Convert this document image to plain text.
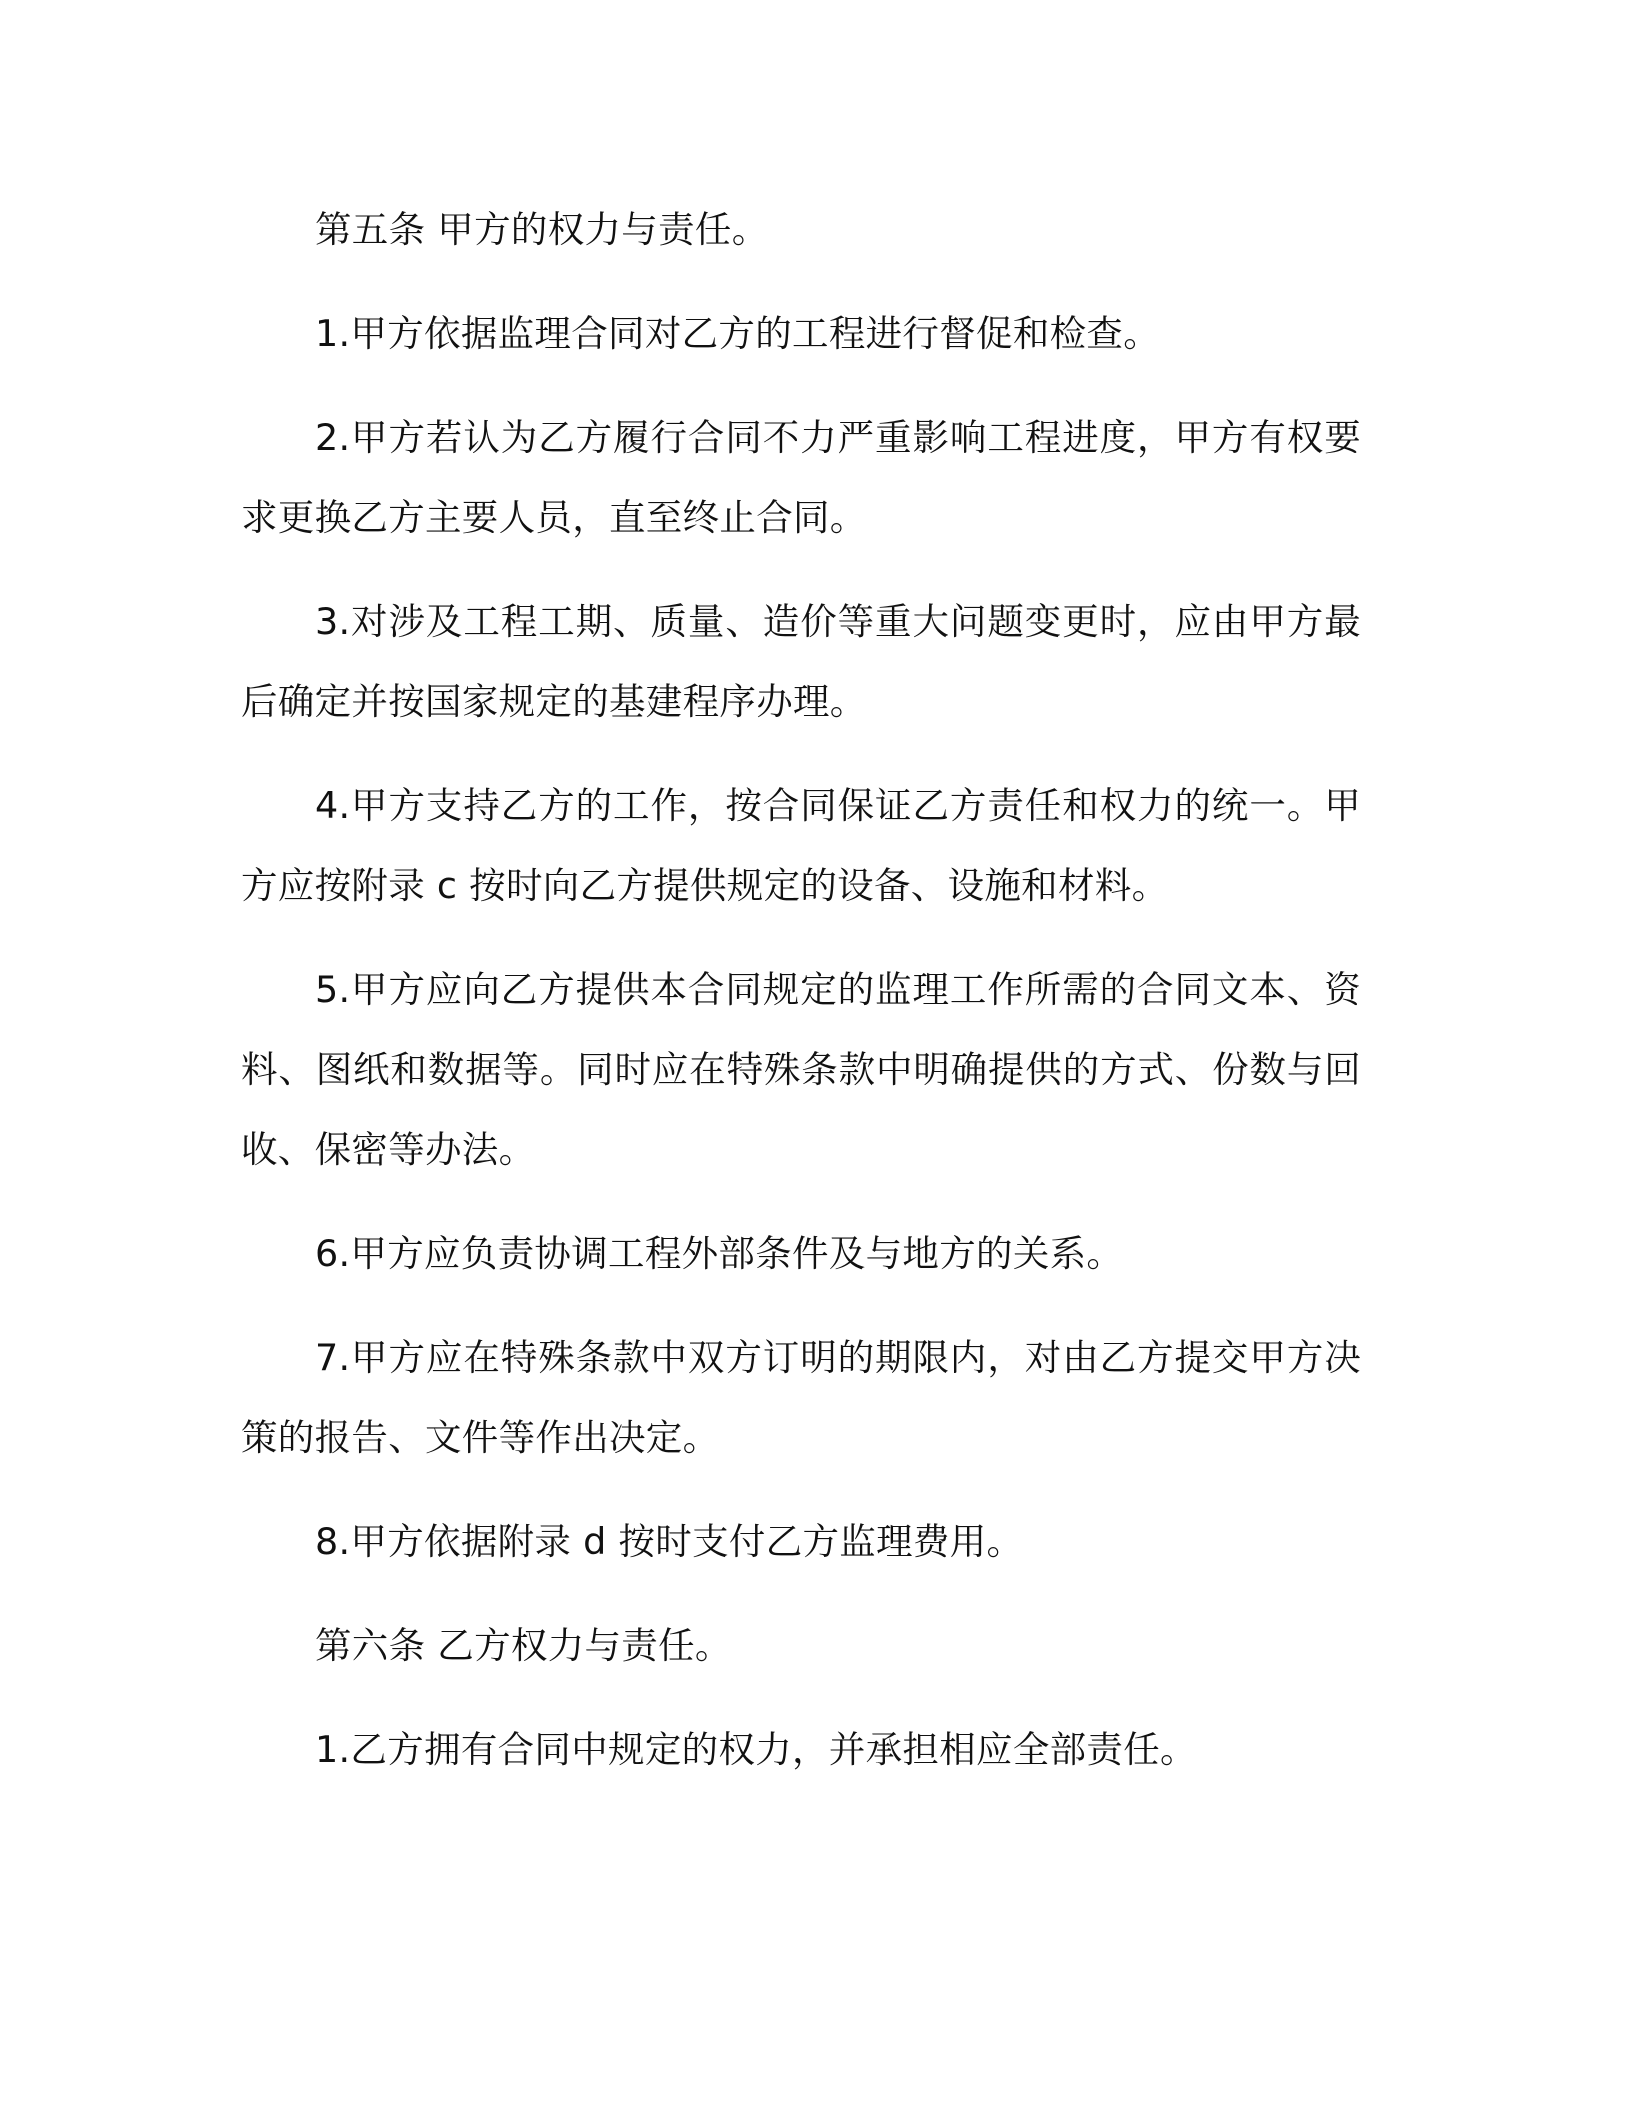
第五条 甲方的权力与责任。

1.甲方依据监理合同对乙方的工程进行督促和检查。

2.甲方若认为乙方履行合同不力严重影响工程进度，甲方有权要求更换乙方主要人员，直至终止合同。

3.对涉及工程工期、质量、造价等重大问题变更时，应由甲方最后确定并按国家规定的基建程序办理。

4.甲方支持乙方的工作，按合同保证乙方责任和权力的统一。甲方应按附录 c 按时向乙方提供规定的设备、设施和材料。

5.甲方应向乙方提供本合同规定的监理工作所需的合同文本、资料、图纸和数据等。同时应在特殊条款中明确提供的方式、份数与回收、保密等办法。

6.甲方应负责协调工程外部条件及与地方的关系。

7.甲方应在特殊条款中双方订明的期限内，对由乙方提交甲方决策的报告、文件等作出决定。

8.甲方依据附录 d 按时支付乙方监理费用。

第六条 乙方权力与责任。

1.乙方拥有合同中规定的权力，并承担相应全部责任。
